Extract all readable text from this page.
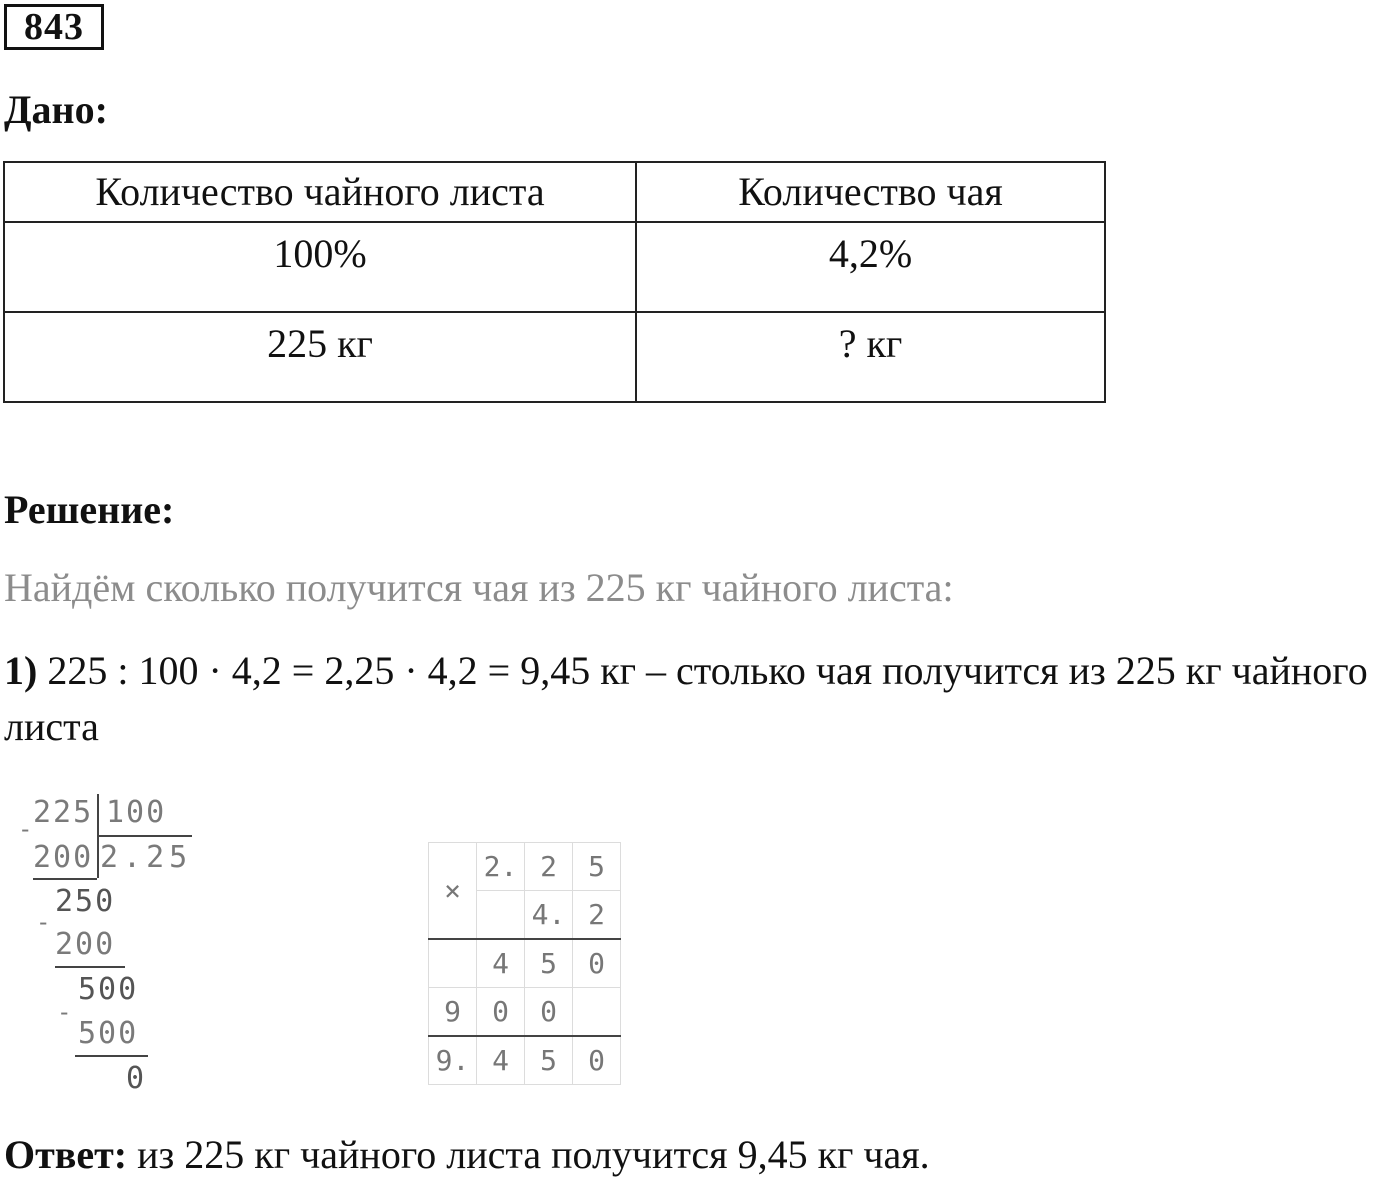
843
Дано:
Количество чайного листа	Количество чая
100%	4,2%
225 кг	? кг
Решение:
Найдём сколько получится чая из 225 кг чайного листа:
1) 225 : 100 · 4,2 = 2,25 · 4,2 = 9,45 кг – столько чая получится из 225 кг чайного листа
225 100
-
200 2.25
250
-
200
500
-
500
0
×	2.	2	5
		4.	2
	4	5	0
9	0	0	
9.	4	5	0
Ответ: из 225 кг чайного листа получится 9,45 кг чая.
